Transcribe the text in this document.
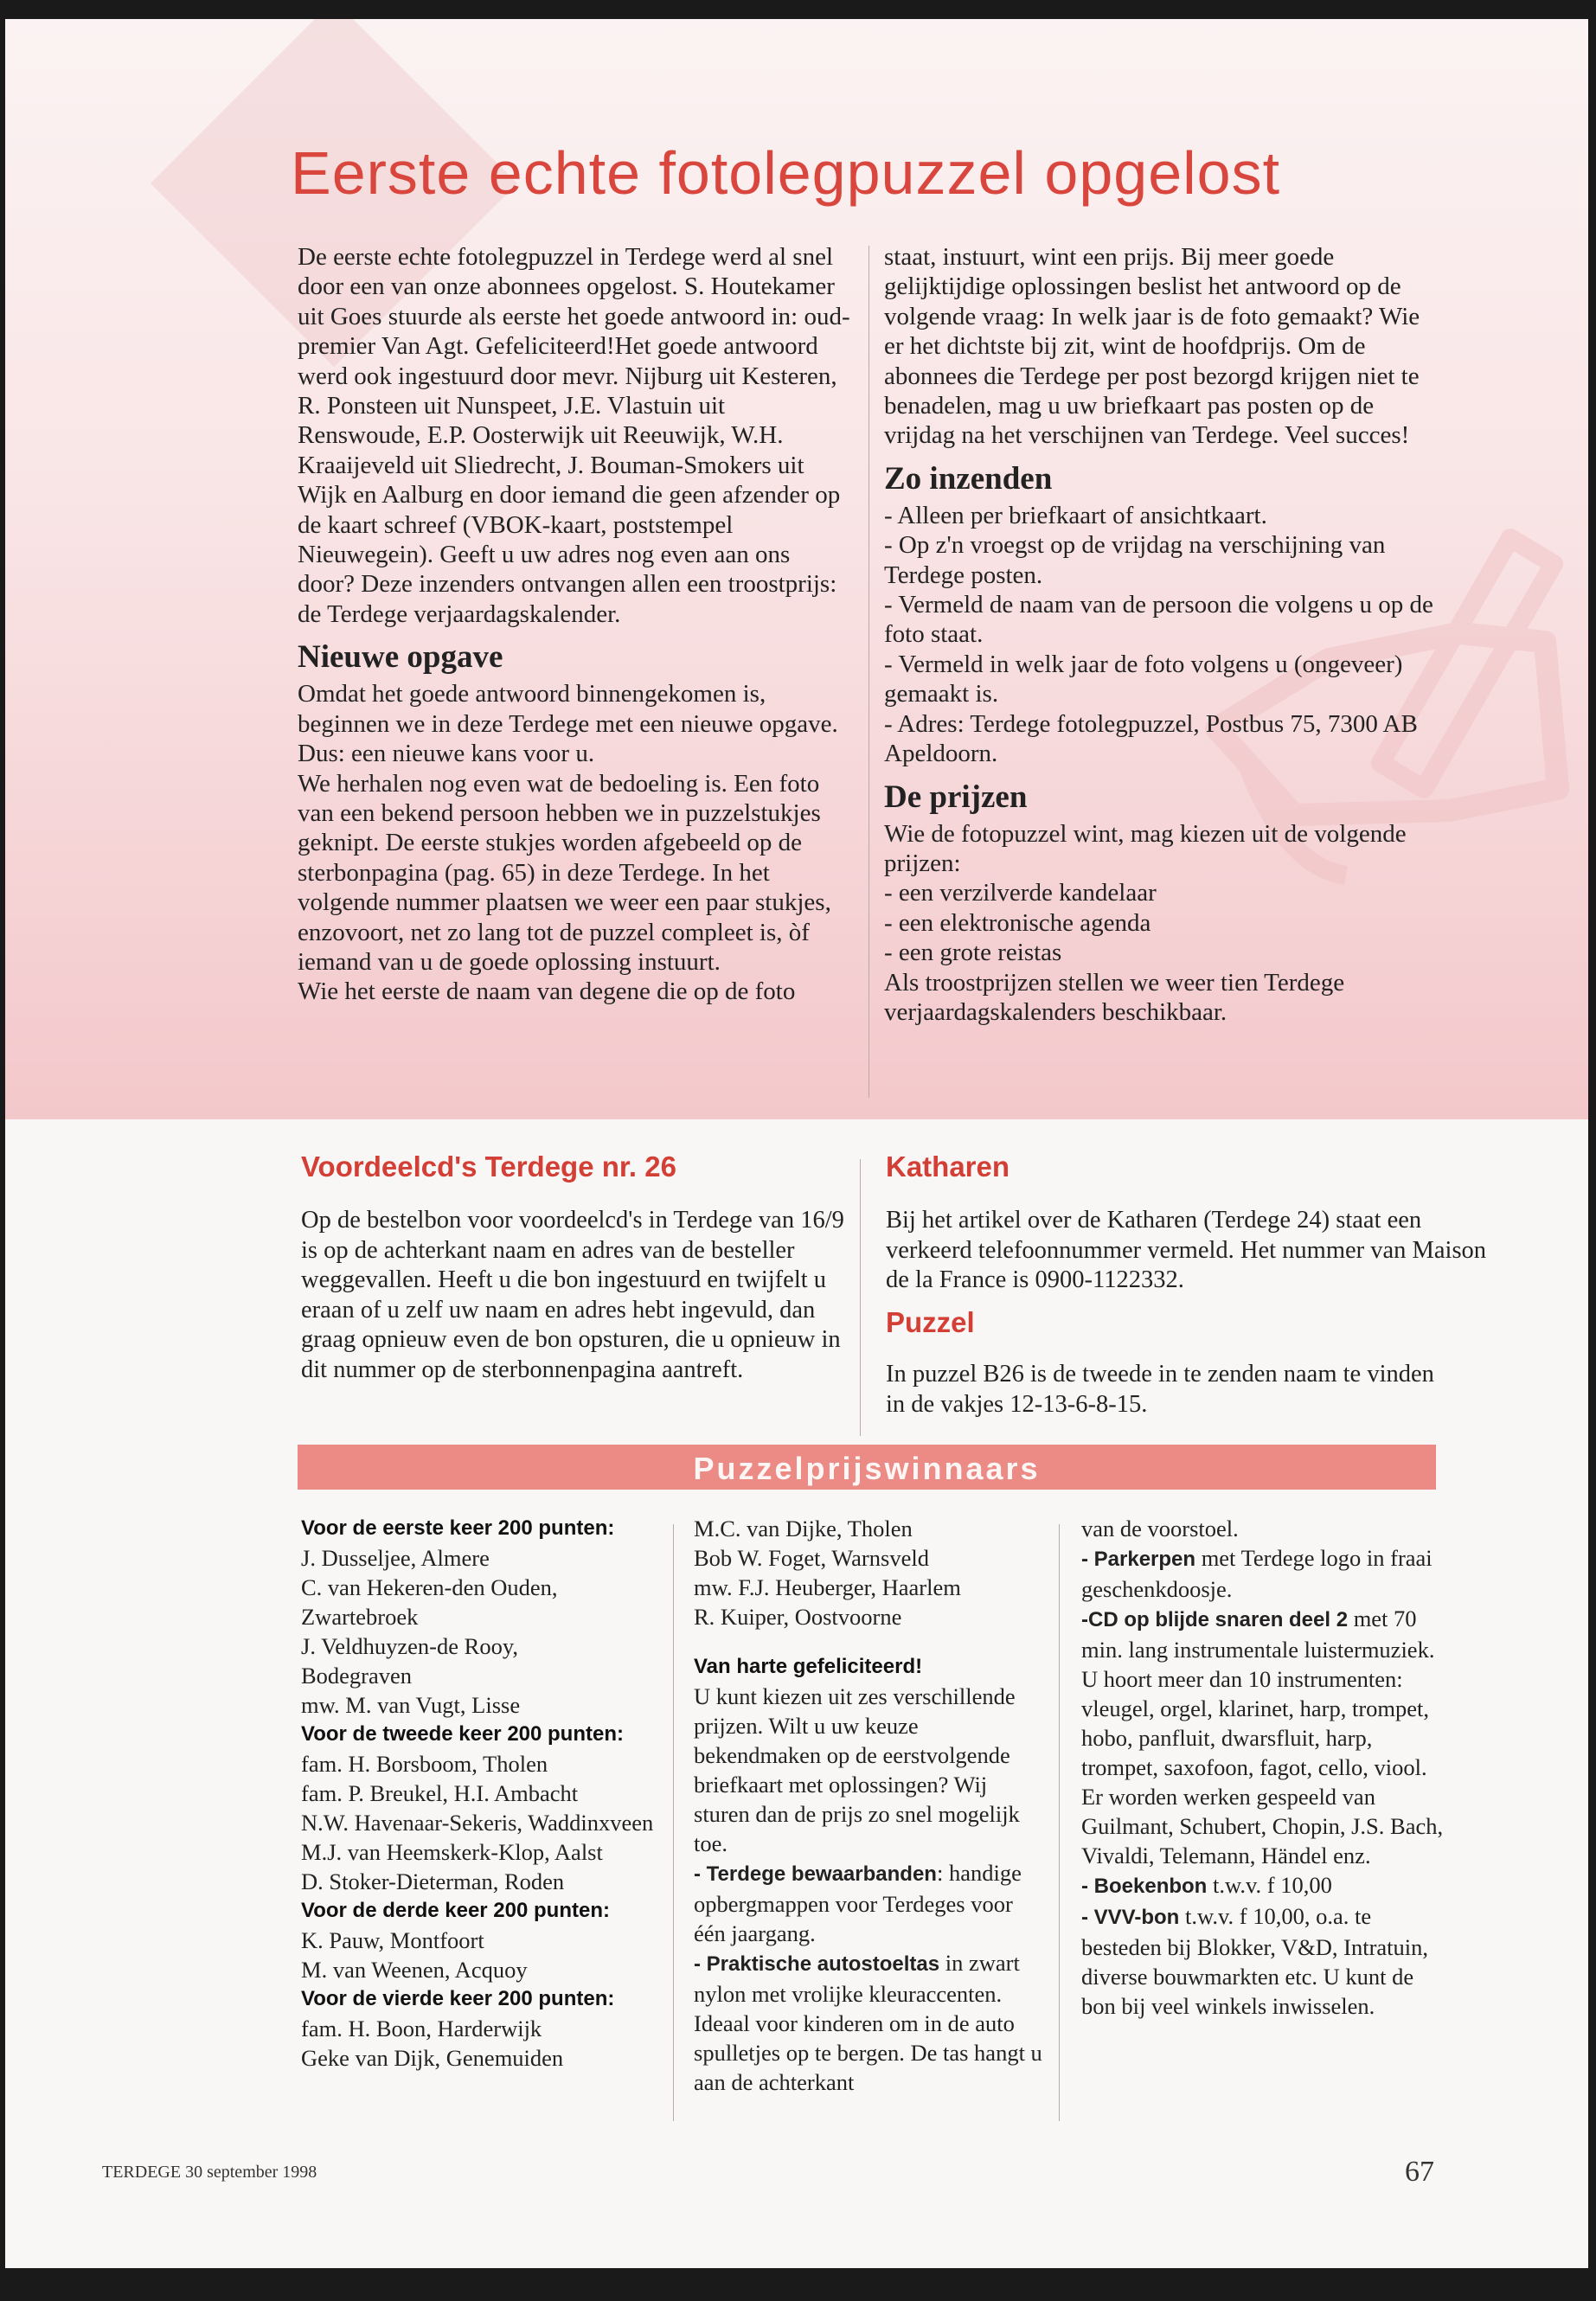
Eerste echte fotolegpuzzel opgelost

De eerste echte fotolegpuzzel in Terdege werd al snel door een van onze abonnees opgelost. S. Houtekamer uit Goes stuurde als eerste het goede antwoord in: oud-premier Van Agt. Gefeliciteerd!Het goede antwoord werd ook ingestuurd door mevr. Nijburg uit Kesteren, R. Ponsteen uit Nunspeet, J.E. Vlastuin uit Renswoude, E.P. Oosterwijk uit Reeuwijk, W.H. Kraaijeveld uit Sliedrecht, J. Bouman-Smokers uit Wijk en Aalburg en door iemand die geen afzender op de kaart schreef (VBOK-kaart, poststempel Nieuwegein). Geeft u uw adres nog even aan ons door? Deze inzenders ontvangen allen een troostprijs: de Terdege verjaardagskalender.

Nieuwe opgave

Omdat het goede antwoord binnengekomen is, beginnen we in deze Terdege met een nieuwe opgave. Dus: een nieuwe kans voor u.

We herhalen nog even wat de bedoeling is. Een foto van een bekend persoon hebben we in puzzelstukjes geknipt. De eerste stukjes worden afgebeeld op de sterbonpagina (pag. 65) in deze Terdege. In het volgende nummer plaatsen we weer een paar stukjes, enzovoort, net zo lang tot de puzzel compleet is, òf iemand van u de goede oplossing instuurt.

Wie het eerste de naam van degene die op de foto

staat, instuurt, wint een prijs. Bij meer goede gelijktijdige oplossingen beslist het antwoord op de volgende vraag: In welk jaar is de foto gemaakt? Wie er het dichtste bij zit, wint de hoofdprijs. Om de abonnees die Terdege per post bezorgd krijgen niet te benadelen, mag u uw briefkaart pas posten op de vrijdag na het verschijnen van Terdege. Veel succes!

Zo inzenden

- Alleen per briefkaart of ansichtkaart.

- Op z'n vroegst op de vrijdag na verschijning van Terdege posten.

- Vermeld de naam van de persoon die volgens u op de foto staat.

- Vermeld in welk jaar de foto volgens u (ongeveer) gemaakt is.

- Adres: Terdege fotolegpuzzel, Postbus 75, 7300 AB Apeldoorn.

De prijzen

Wie de fotopuzzel wint, mag kiezen uit de volgende prijzen:

- een verzilverde kandelaar

- een elektronische agenda

- een grote reistas

Als troostprijzen stellen we weer tien Terdege verjaardagskalenders beschikbaar.

Voordeelcd's Terdege nr. 26
Op de bestelbon voor voordeelcd's in Terdege van 16/9 is op de achterkant naam en adres van de besteller weggevallen. Heeft u die bon ingestuurd en twijfelt u eraan of u zelf uw naam en adres hebt ingevuld, dan graag opnieuw even de bon opsturen, die u opnieuw in dit nummer op de sterbonnenpagina aantreft.
Katharen
Bij het artikel over de Katharen (Terdege 24) staat een verkeerd telefoonnummer vermeld. Het nummer van Maison de la France is 0900-1122332.
Puzzel
In puzzel B26 is de tweede in te zenden naam te vinden in de vakjes 12-13-6-8-15.
Puzzelprijswinnaars
Voor de eerste keer 200 punten:
J. Dusseljee, Almere
C. van Hekeren-den Ouden,
Zwartebroek
J. Veldhuyzen-de Rooy,
Bodegraven
mw. M. van Vugt, Lisse
Voor de tweede keer 200 punten:
fam. H. Borsboom, Tholen
fam. P. Breukel, H.I. Ambacht
N.W. Havenaar-Sekeris, Waddinxveen
M.J. van Heemskerk-Klop, Aalst
D. Stoker-Dieterman, Roden
Voor de derde keer 200 punten:
K. Pauw, Montfoort
M. van Weenen, Acquoy
Voor de vierde keer 200 punten:
fam. H. Boon, Harderwijk
Geke van Dijk, Genemuiden
M.C. van Dijke, Tholen
Bob W. Foget, Warnsveld
mw. F.J. Heuberger, Haarlem
R. Kuiper, Oostvoorne
Van harte gefeliciteerd!
U kunt kiezen uit zes verschillende prijzen. Wilt u uw keuze bekendmaken op de eerstvolgende briefkaart met oplossingen? Wij sturen dan de prijs zo snel mogelijk toe.
- Terdege bewaarbanden: handige opbergmappen voor Terdeges voor één jaargang.
- Praktische autostoeltas in zwart nylon met vrolijke kleuraccenten. Ideaal voor kinderen om in de auto spulletjes op te bergen. De tas hangt u aan de achterkant
van de voorstoel.
- Parkerpen met Terdege logo in fraai geschenkdoosje.
-CD op blijde snaren deel 2 met 70 min. lang instrumentale luistermuziek. U hoort meer dan 10 instrumenten: vleugel, orgel, klarinet, harp, trompet, hobo, panfluit, dwarsfluit, harp, trompet, saxofoon, fagot, cello, viool. Er worden werken gespeeld van Guilmant, Schubert, Chopin, J.S. Bach, Vivaldi, Telemann, Händel enz.
- Boekenbon t.w.v. f 10,00
- VVV-bon t.w.v. f 10,00, o.a. te besteden bij Blokker, V&D, Intratuin, diverse bouwmarkten etc. U kunt de bon bij veel winkels inwisselen.
TERDEGE 30 september 1998	67
